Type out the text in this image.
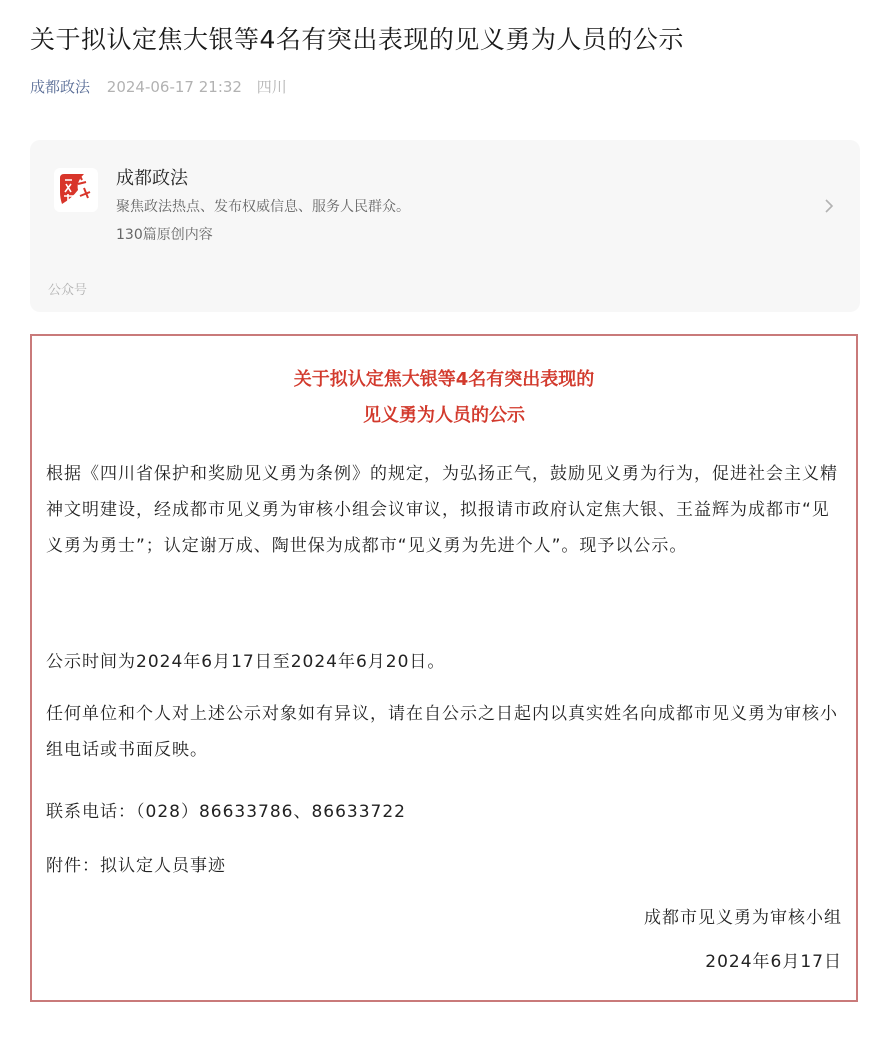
关于拟认定焦大银等4名有突出表现的见义勇为人员的公示
成都政法 2024-06-17 21:32 四川
成都政法
聚焦政法热点、发布权威信息、服务人民群众。
130篇原创内容
公众号
关于拟认定焦大银等4名有突出表现的
见义勇为人员的公示

根据《四川省保护和奖励见义勇为条例》的规定，为弘扬正气，鼓励见义勇为行为，促进社会主义精神文明建设，经成都市见义勇为审核小组会议审议，拟报请市政府认定焦大银、王益辉为成都市“见义勇为勇士”；认定谢万成、陶世保为成都市“见义勇为先进个人”。现予以公示。

公示时间为2024年6月17日至2024年6月20日。

任何单位和个人对上述公示对象如有异议，请在自公示之日起内以真实姓名向成都市见义勇为审核小组电话或书面反映。

联系电话：（028）86633786、86633722

附件：拟认定人员事迹

成都市见义勇为审核小组
2024年6月17日
